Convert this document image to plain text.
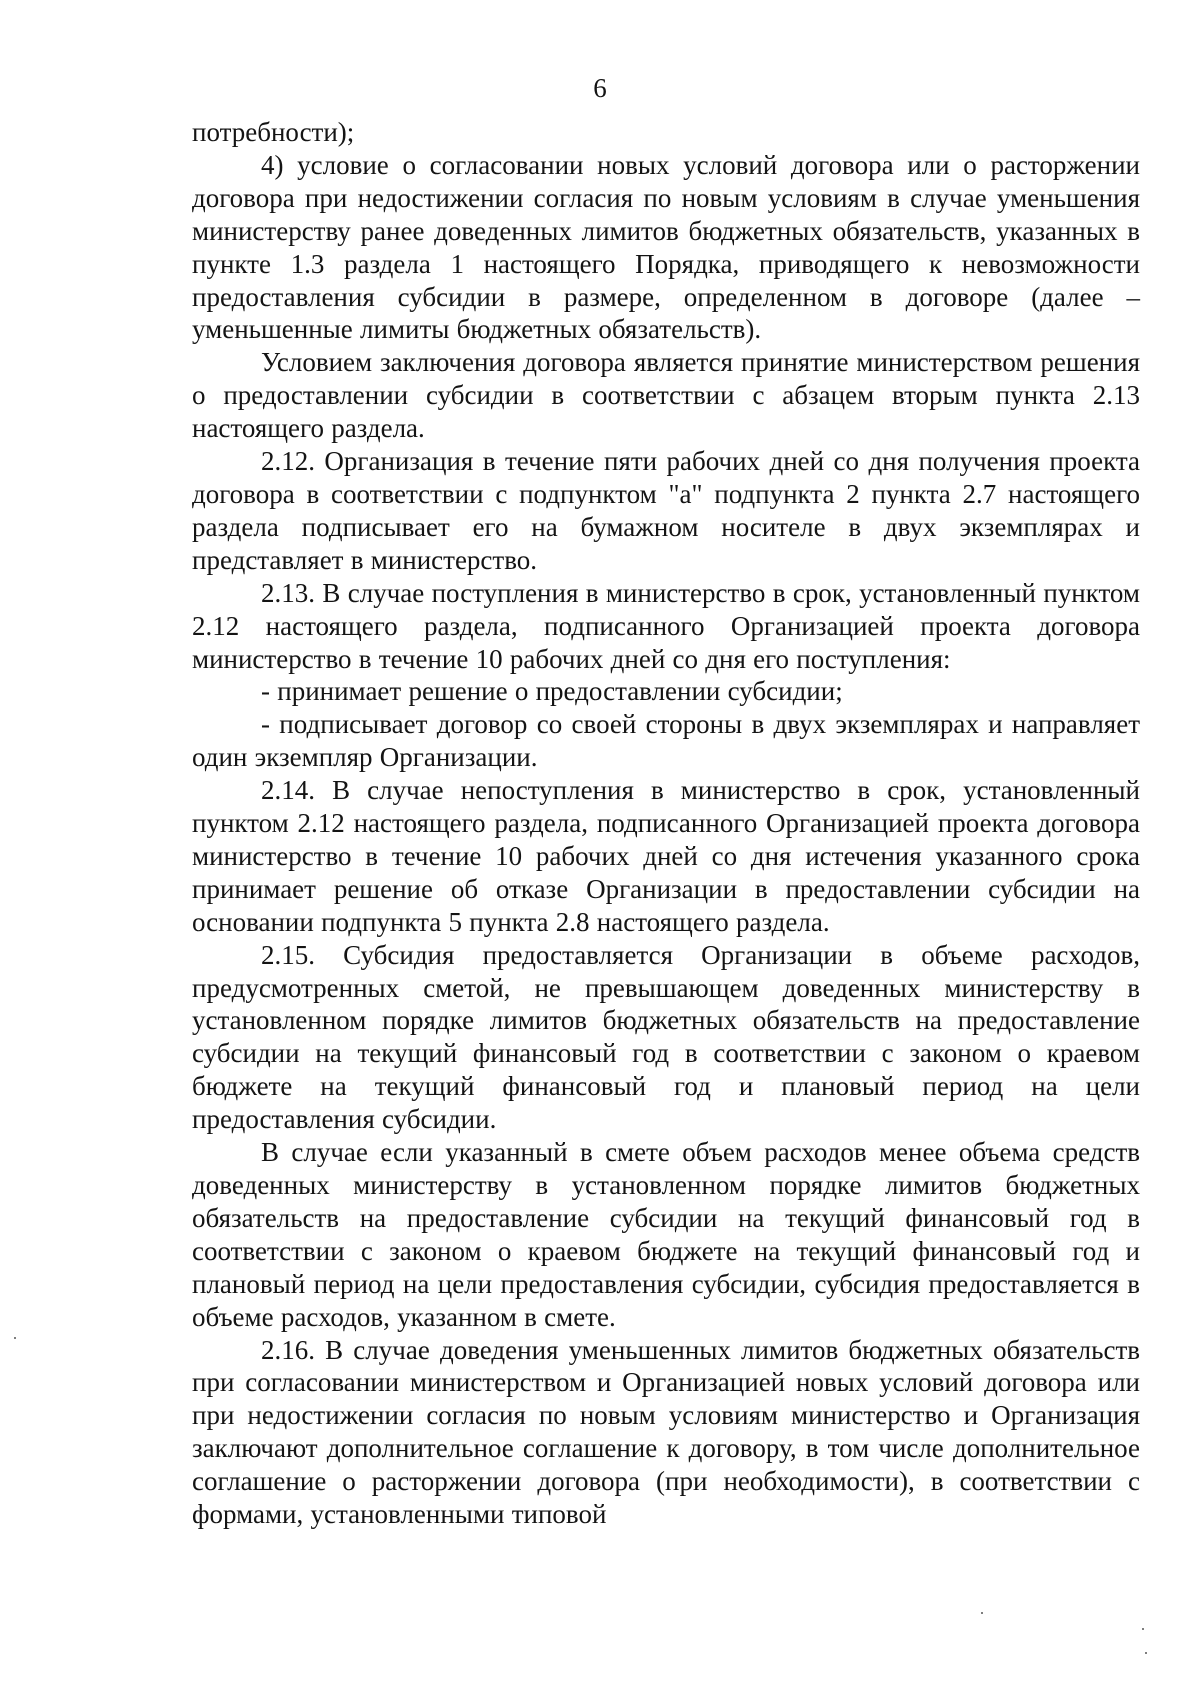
6

потребности);

4) условие о согласовании новых условий договора или о расторжении договора при недостижении согласия по новым условиям в случае уменьшения министерству ранее доведенных лимитов бюджетных обязательств, указанных в пункте 1.3 раздела 1 настоящего Порядка, приводящего к невозможности предоставления субсидии в размере, определенном в договоре (далее – уменьшенные лимиты бюджетных обязательств).

Условием заключения договора является принятие министерством решения о предоставлении субсидии в соответствии с абзацем вторым пункта 2.13 настоящего раздела.

2.12. Организация в течение пяти рабочих дней со дня получения проекта договора в соответствии с подпунктом "а" подпункта 2 пункта 2.7 настоящего раздела подписывает его на бумажном носителе в двух экземплярах и представляет в министерство.

2.13. В случае поступления в министерство в срок, установленный пунктом 2.12 настоящего раздела, подписанного Организацией проекта договора министерство в течение 10 рабочих дней со дня его поступления:

- принимает решение о предоставлении субсидии;

- подписывает договор со своей стороны в двух экземплярах и направляет один экземпляр Организации.

2.14. В случае непоступления в министерство в срок, установленный пунктом 2.12 настоящего раздела, подписанного Организацией проекта договора министерство в течение 10 рабочих дней со дня истечения указанного срока принимает решение об отказе Организации в предоставлении субсидии на основании подпункта 5 пункта 2.8 настоящего раздела.

2.15. Субсидия предоставляется Организации в объеме расходов, предусмотренных сметой, не превышающем доведенных министерству в установленном порядке лимитов бюджетных обязательств на предоставление субсидии на текущий финансовый год в соответствии с законом о краевом бюджете на текущий финансовый год и плановый период на цели предоставления субсидии.

В случае если указанный в смете объем расходов менее объема средств доведенных министерству в установленном порядке лимитов бюджетных обязательств на предоставление субсидии на текущий финансовый год в соответствии с законом о краевом бюджете на текущий финансовый год и плановый период на цели предоставления субсидии, субсидия предоставляется в объеме расходов, указанном в смете.

2.16. В случае доведения уменьшенных лимитов бюджетных обязательств при согласовании министерством и Организацией новых условий договора или при недостижении согласия по новым условиям министерство и Организация заключают дополнительное соглашение к договору, в том числе дополнительное соглашение о расторжении договора (при необходимости), в соответствии с формами, установленными типовой
